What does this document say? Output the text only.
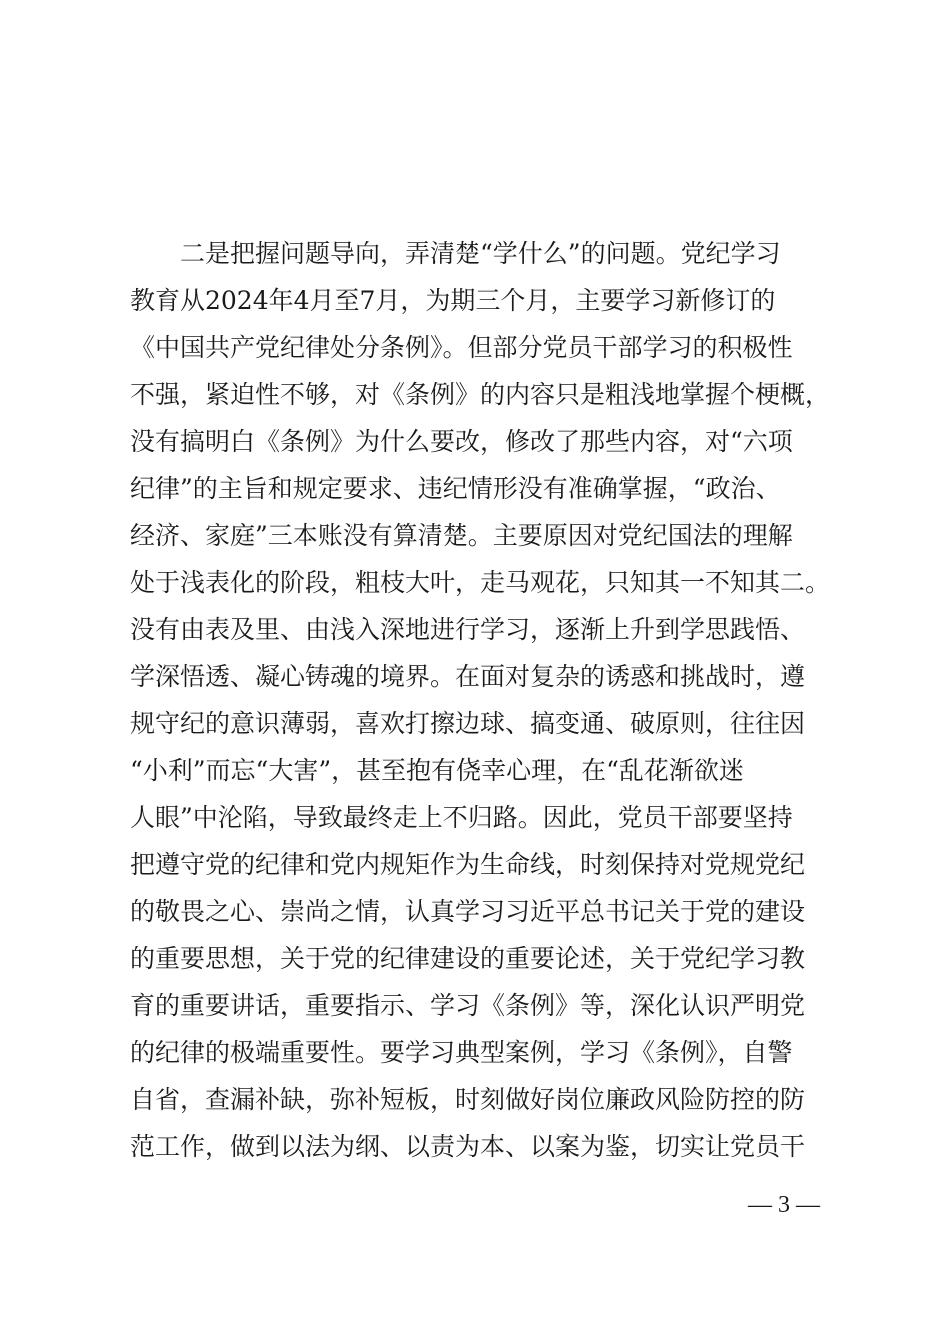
　　二是把握问题导向，弄清楚“学什么”的问题。党纪学习
教育从2024年4月至7月，为期三个月，主要学习新修订的
《中国共产党纪律处分条例》。但部分党员干部学习的积极性
不强，紧迫性不够，对《条例》的内容只是粗浅地掌握个梗概，
没有搞明白《条例》为什么要改，修改了那些内容，对“六项
纪律”的主旨和规定要求、违纪情形没有准确掌握，“政治、
经济、家庭”三本账没有算清楚。主要原因对党纪国法的理解
处于浅表化的阶段，粗枝大叶，走马观花，只知其一不知其二。
没有由表及里、由浅入深地进行学习，逐渐上升到学思践悟、
学深悟透、凝心铸魂的境界。在面对复杂的诱惑和挑战时，遵
规守纪的意识薄弱，喜欢打擦边球、搞变通、破原则，往往因
“小利”而忘“大害”，甚至抱有侥幸心理，在“乱花渐欲迷
人眼”中沦陷，导致最终走上不归路。因此，党员干部要坚持
把遵守党的纪律和党内规矩作为生命线，时刻保持对党规党纪
的敬畏之心、崇尚之情，认真学习习近平总书记关于党的建设
的重要思想，关于党的纪律建设的重要论述，关于党纪学习教
育的重要讲话，重要指示、学习《条例》等，深化认识严明党
的纪律的极端重要性。要学习典型案例，学习《条例》，自警
自省，查漏补缺，弥补短板，时刻做好岗位廉政风险防控的防
范工作，做到以法为纲、以责为本、以案为鉴，切实让党员干
— 3 —
